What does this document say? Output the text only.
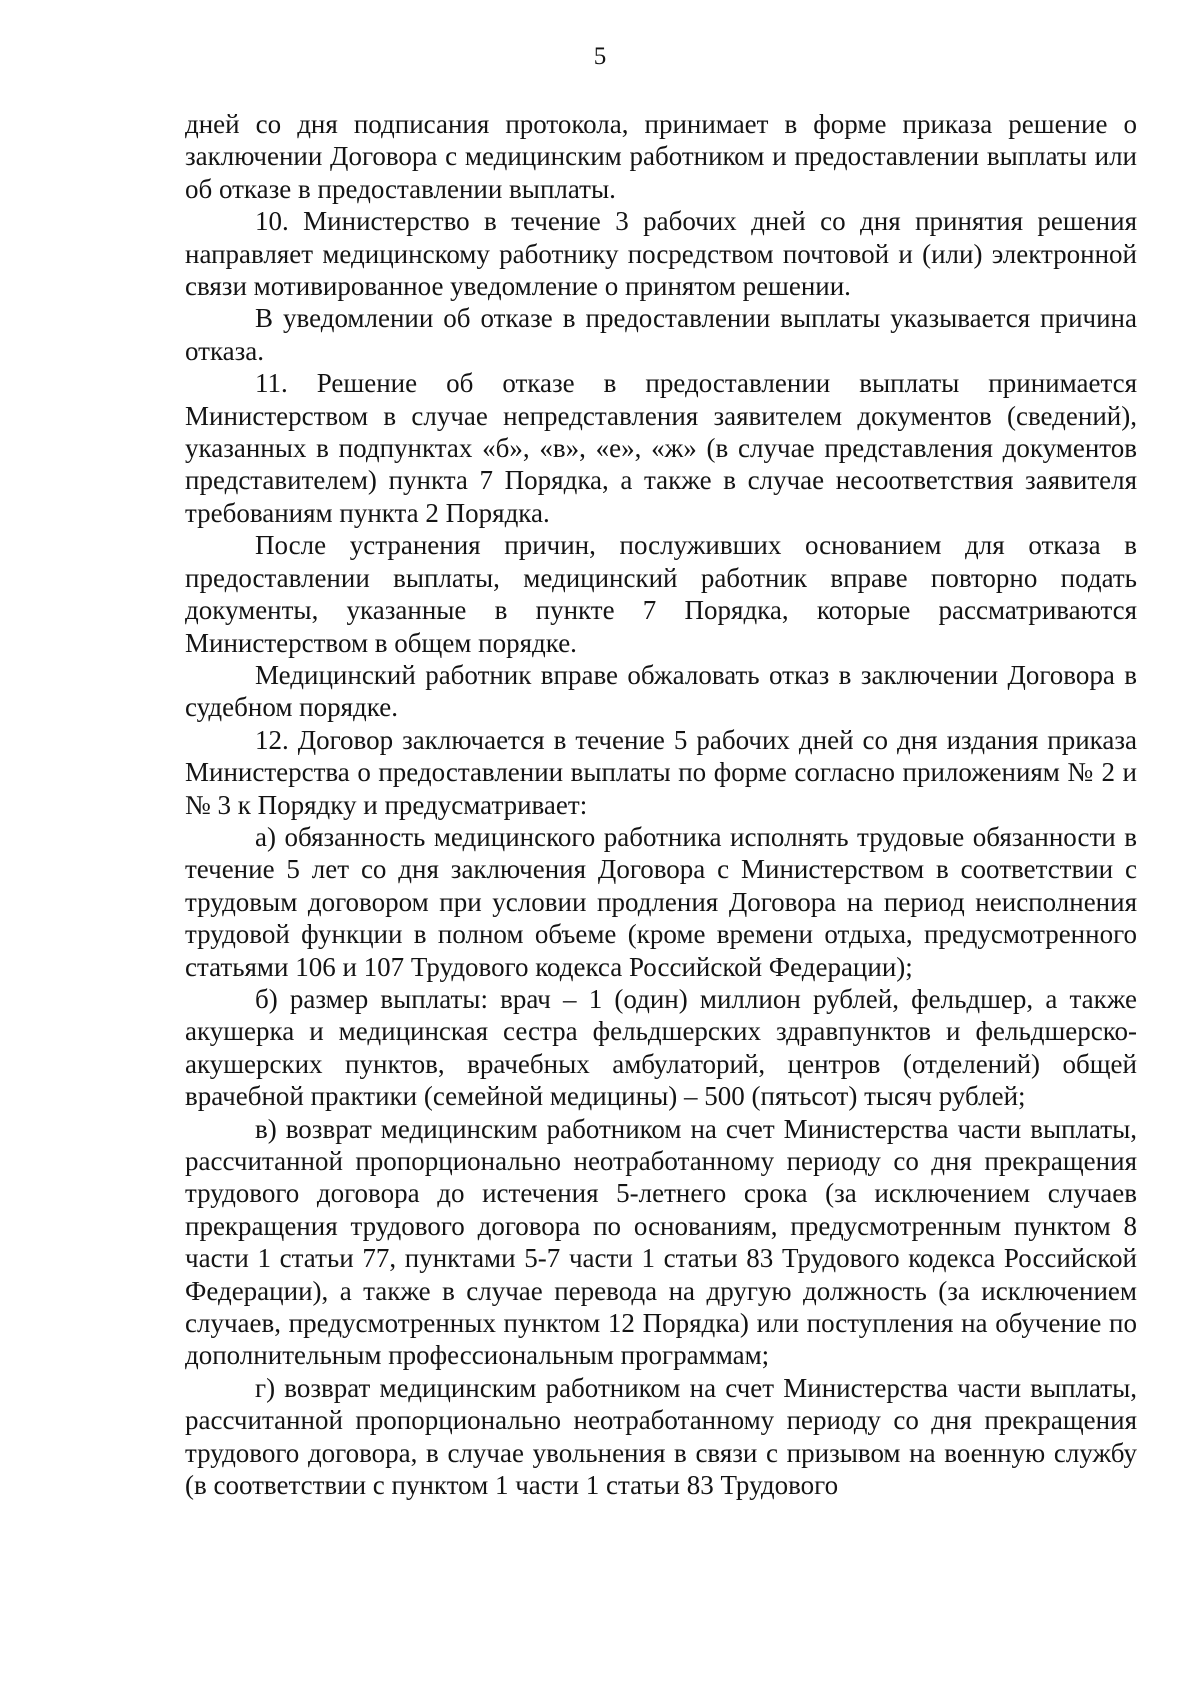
5

дней со дня подписания протокола, принимает в форме приказа решение о заключении Договора с медицинским работником и предоставлении выплаты или об отказе в предоставлении выплаты.

10. Министерство в течение 3 рабочих дней со дня принятия решения направляет медицинскому работнику посредством почтовой и (или) электронной связи мотивированное уведомление о принятом решении.

В уведомлении об отказе в предоставлении выплаты указывается причина отказа.

11. Решение об отказе в предоставлении выплаты принимается Министерством в случае непредставления заявителем документов (сведений), указанных в подпунктах «б», «в», «е», «ж» (в случае представления документов представителем) пункта 7 Порядка, а также в случае несоответствия заявителя требованиям пункта 2 Порядка.

После устранения причин, послуживших основанием для отказа в предоставлении выплаты, медицинский работник вправе повторно подать документы, указанные в пункте 7 Порядка, которые рассматриваются Министерством в общем порядке.

Медицинский работник вправе обжаловать отказ в заключении Договора в судебном порядке.

12. Договор заключается в течение 5 рабочих дней со дня издания приказа Министерства о предоставлении выплаты по форме согласно приложениям № 2 и № 3 к Порядку и предусматривает:

а) обязанность медицинского работника исполнять трудовые обязанности в течение 5 лет со дня заключения Договора с Министерством в соответствии с трудовым договором при условии продления Договора на период неисполнения трудовой функции в полном объеме (кроме времени отдыха, предусмотренного статьями 106 и 107 Трудового кодекса Российской Федерации);

б) размер выплаты: врач – 1 (один) миллион рублей, фельдшер, а также акушерка и медицинская сестра фельдшерских здравпунктов и фельдшерско-акушерских пунктов, врачебных амбулаторий, центров (отделений) общей врачебной практики (семейной медицины) – 500 (пятьсот) тысяч рублей;

в) возврат медицинским работником на счет Министерства части выплаты, рассчитанной пропорционально неотработанному периоду со дня прекращения трудового договора до истечения 5-летнего срока (за исключением случаев прекращения трудового договора по основаниям, предусмотренным пунктом 8 части 1 статьи 77, пунктами 5-7 части 1 статьи 83 Трудового кодекса Российской Федерации), а также в случае перевода на другую должность (за исключением случаев, предусмотренных пунктом 12 Порядка) или поступления на обучение по дополнительным профессиональным программам;

г) возврат медицинским работником на счет Министерства части выплаты, рассчитанной пропорционально неотработанному периоду со дня прекращения трудового договора, в случае увольнения в связи с призывом на военную службу (в соответствии с пунктом 1 части 1 статьи 83 Трудового
